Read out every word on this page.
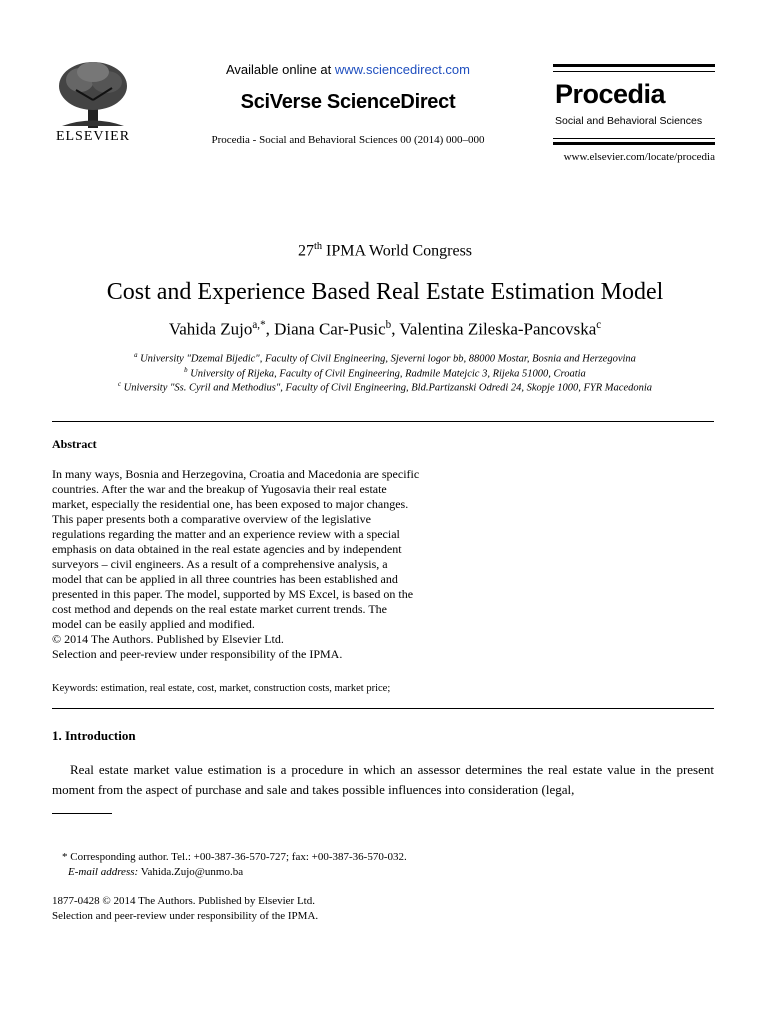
ELSEVIER
Available online at www.sciencedirect.com
SciVerse ScienceDirect
Procedia - Social and Behavioral Sciences 00 (2014) 000–000
Procedia
Social and Behavioral Sciences
www.elsevier.com/locate/procedia
27th IPMA World Congress
Cost and Experience Based Real Estate Estimation Model
Vahida Zujo$^{a,*}$, Diana Car-Pusic$^b$, Valentina Zileska-Pancovska$^c$
$^a$ University "Dzemal Bijedic", Faculty of Civil Engineering, Sjeverni logor bb, 88000 Mostar, Bosnia and Herzegovina
$^b$ University of Rijeka, Faculty of Civil Engineering, Radmile Matejcic 3, Rijeka 51000, Croatia
$^c$ University "Ss. Cyril and Methodius", Faculty of Civil Engineering, Bld.Partizanski Odredi 24, Skopje 1000, FYR Macedonia
Abstract
In many ways, Bosnia and Herzegovina, Croatia and Macedonia are specific
countries. After the war and the breakup of Yugosavia their real estate
market, especially the residential one, has been exposed to major changes.
This paper presents both a comparative overview of the legislative
regulations regarding the matter and an experience review with a special
emphasis on data obtained in the real estate agencies and by independent
surveyors – civil engineers. As a result of a comprehensive analysis, a
model that can be applied in all three countries has been established and
presented in this paper. The model, supported by MS Excel, is based on the
cost method and depends on the real estate market current trends. The
model can be easily applied and modified.
© 2014 The Authors. Published by Elsevier Ltd.
Selection and peer-review under responsibility of the IPMA.
Keywords: estimation, real estate, cost, market, construction costs, market price;
1. Introduction
Real estate market value estimation is a procedure in which an assessor determines the real estate value in the present moment from the aspect of purchase and sale and takes possible influences into consideration (legal,
* Corresponding author. Tel.: +00-387-36-570-727; fax: +00-387-36-570-032.
E-mail address: Vahida.Zujo@unmo.ba
1877-0428 © 2014 The Authors. Published by Elsevier Ltd.
Selection and peer-review under responsibility of the IPMA.
